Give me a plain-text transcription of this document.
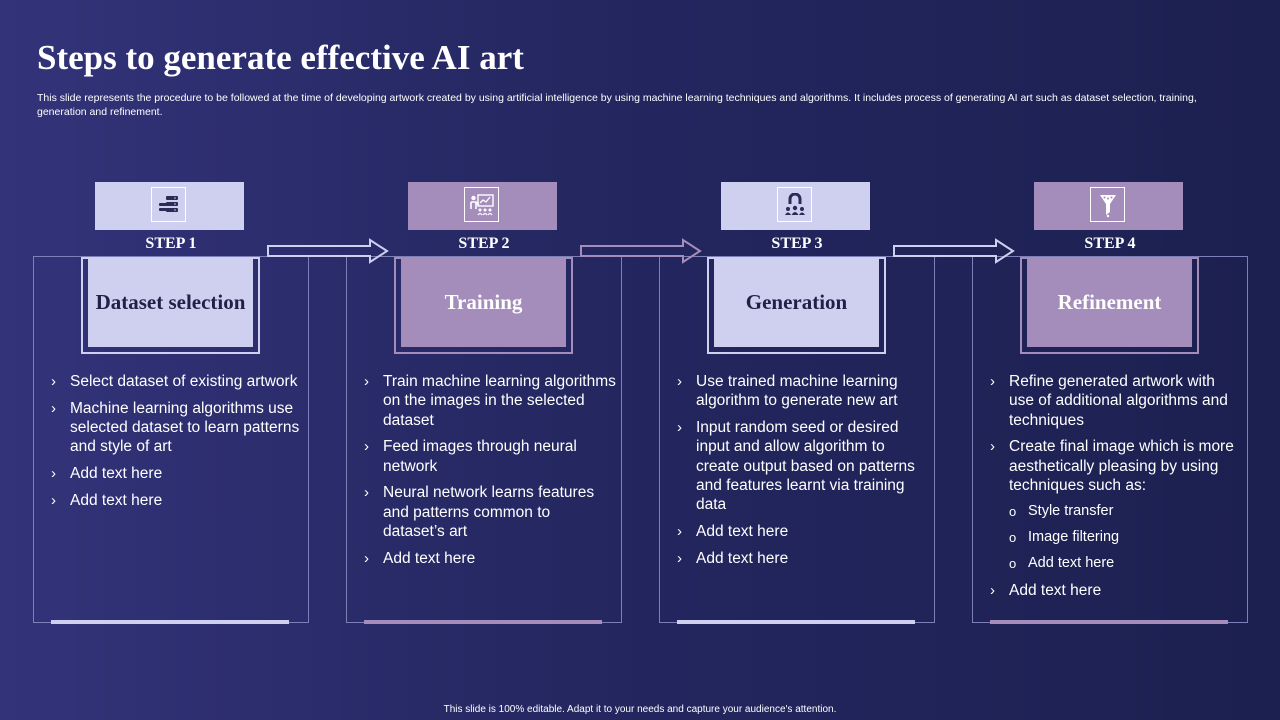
Steps to generate effective AI art

This slide represents the procedure to be followed at the time of developing artwork created by using artificial intelligence by using machine learning techniques and algorithms. It includes process of generating AI art such as dataset selection, training, generation and refinement.

STEP 1
Dataset selection
› Select dataset of existing artwork
› Machine learning algorithms use selected dataset to learn patterns and style of art
› Add text here
› Add text here
STEP 2
Training
› Train machine learning algorithms on the images in the selected dataset
› Feed images through neural network
› Neural network learns features and patterns common to dataset’s art
› Add text here
STEP 3
Generation
› Use trained machine learning algorithm to generate new art
› Input random seed or desired input and allow algorithm to create output based on patterns and features learnt via training data
› Add text here
› Add text here
STEP 4
Refinement
› Refine generated artwork with use of additional algorithms and techniques
› Create final image which is more aesthetically pleasing by using techniques such as:
o Style transfer
o Image filtering
o Add text here
› Add text here
This slide is 100% editable. Adapt it to your needs and capture your audience's attention.
